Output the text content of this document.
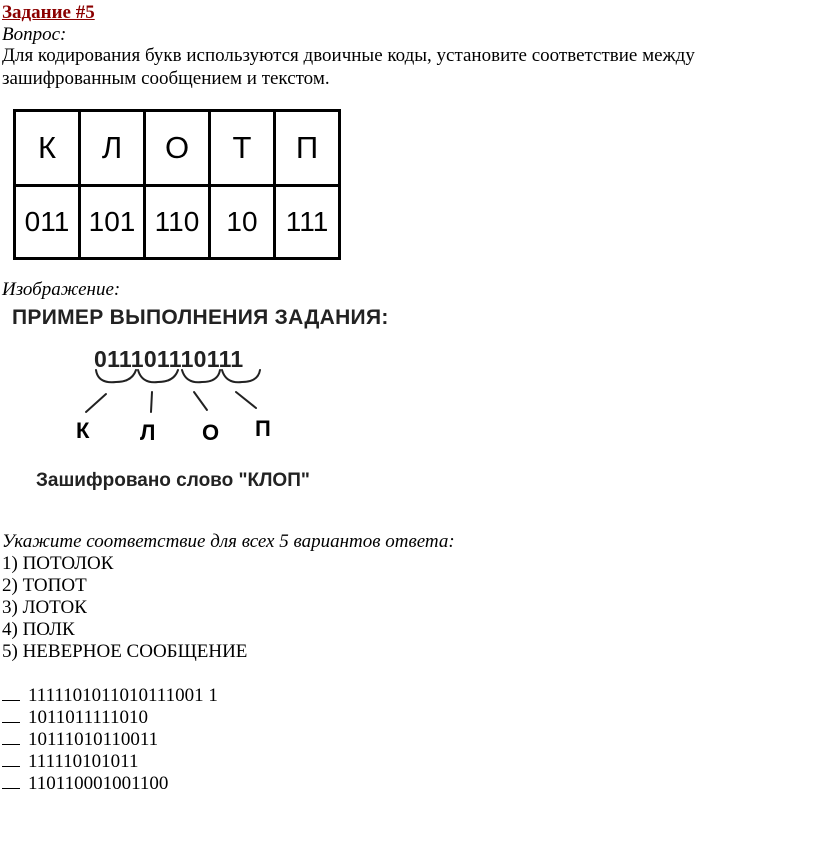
Задание #5
Вопрос:
Для кодирования букв используются двоичные коды, установите соответствие между зашифрованным сообщением и текстом.
К	Л	О	Т	П
011	101	110	10	111
Изображение:
ПРИМЕР ВЫПОЛНЕНИЯ ЗАДАНИЯ:
011101110111
К Л О П
Зашифровано слово "КЛОП"
Укажите соответствие для всех 5 вариантов ответа:
1) ПОТОЛОК
2) ТОПОТ
3) ЛОТОК
4) ПОЛК
5) НЕВЕРНОЕ СООБЩЕНИЕ
1111101011010111001 1
1011011111010
10111010110011
111110101011
110110001001100
